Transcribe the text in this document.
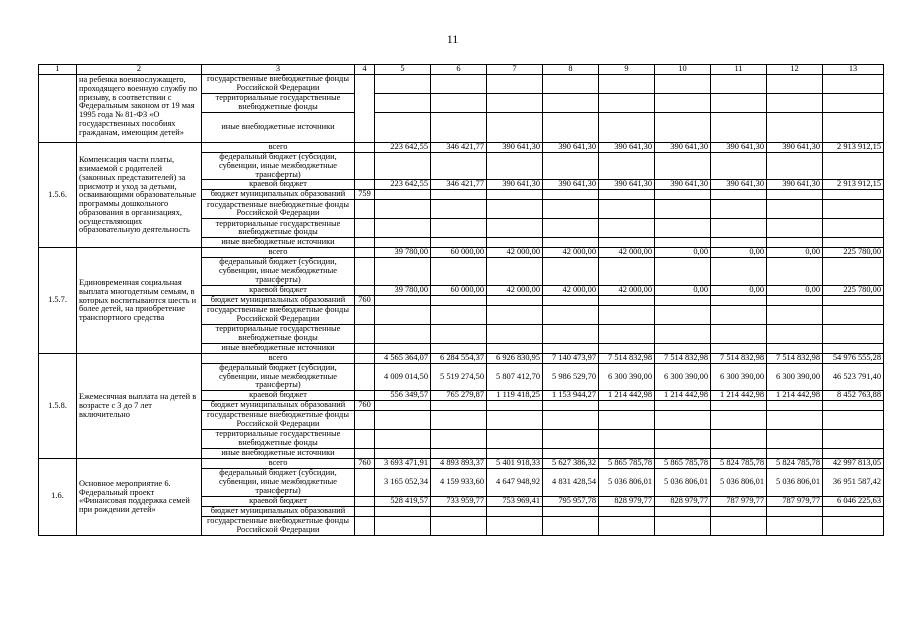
11
1	2	3	4	5	6	7	8	9	10	11	12	13
	на ребенка военнослужащего, проходящего военную службу по призыву, в соответствии с Федеральным законом от 19 мая 1995 года № 81-ФЗ «О государственных пособиях гражданам, имеющим детей»	государственные внебюджетные фонды Российской Федерации										
		территориальные государственные внебюджетные фонды										
		иные внебюджетные источники										
1.5.6.	Компенсация части платы, взимаемой с родителей (законных представителей) за присмотр и уход за детьми, осваивающими образовательные программы дошкольного образования в организациях, осуществляющих образовательную деятельность	всего		223 642,55	346 421,77	390 641,30	390 641,30	390 641,30	390 641,30	390 641,30	390 641,30	2 913 912,15
		федеральный бюджет (субсидии, субвенции, иные межбюджетные трансферты)										
		краевой бюджет		223 642,55	346 421,77	390 641,30	390 641,30	390 641,30	390 641,30	390 641,30	390 641,30	2 913 912,15
		бюджет муниципальных образований	759									
		государственные внебюджетные фонды Российской Федерации										
		территориальные государственные внебюджетные фонды										
		иные внебюджетные источники										
1.5.7.	Единовременная социальная выплата многодетным семьям, в которых воспитываются шесть и более детей, на приобретение транспортного средства	всего		39 780,00	60 000,00	42 000,00	42 000,00	42 000,00	0,00	0,00	0,00	225 780,00
		федеральный бюджет (субсидии, субвенции, иные межбюджетные трансферты)										
		краевой бюджет		39 780,00	60 000,00	42 000,00	42 000,00	42 000,00	0,00	0,00	0,00	225 780,00
		бюджет муниципальных образований	760									
		государственные внебюджетные фонды Российской Федерации										
		территориальные государственные внебюджетные фонды										
		иные внебюджетные источники										
1.5.8.	Ежемесячная выплата на детей в возрасте с 3 до 7 лет включительно	всего		4 565 364,07	6 284 554,37	6 926 830,95	7 140 473,97	7 514 832,98	7 514 832,98	7 514 832,98	7 514 832,98	54 976 555,28
		федеральный бюджет (субсидии, субвенции, иные межбюджетные трансферты)		4 009 014,50	5 519 274,50	5 807 412,70	5 986 529,70	6 300 390,00	6 300 390,00	6 300 390,00	6 300 390,00	46 523 791,40
		краевой бюджет		556 349,57	765 279,87	1 119 418,25	1 153 944,27	1 214 442,98	1 214 442,98	1 214 442,98	1 214 442,98	8 452 763,88
		бюджет муниципальных образований	760									
		государственные внебюджетные фонды Российской Федерации										
		территориальные государственные внебюджетные фонды										
		иные внебюджетные источники										
1.6.	Основное мероприятие 6. Федеральный проект «Финансовая поддержка семей при рождении детей»	всего	760	3 693 471,91	4 893 893,37	5 401 918,33	5 627 386,32	5 865 785,78	5 865 785,78	5 824 785,78	5 824 785,78	42 997 813,05
		федеральный бюджет (субсидии, субвенции, иные межбюджетные трансферты)		3 165 052,34	4 159 933,60	4 647 948,92	4 831 428,54	5 036 806,01	5 036 806,01	5 036 806,01	5 036 806,01	36 951 587,42
		краевой бюджет		528 419,57	733 959,77	753 969,41	795 957,78	828 979,77	828 979,77	787 979,77	787 979,77	6 046 225,63
		бюджет муниципальных образований										
		государственные внебюджетные фонды Российской Федерации										
